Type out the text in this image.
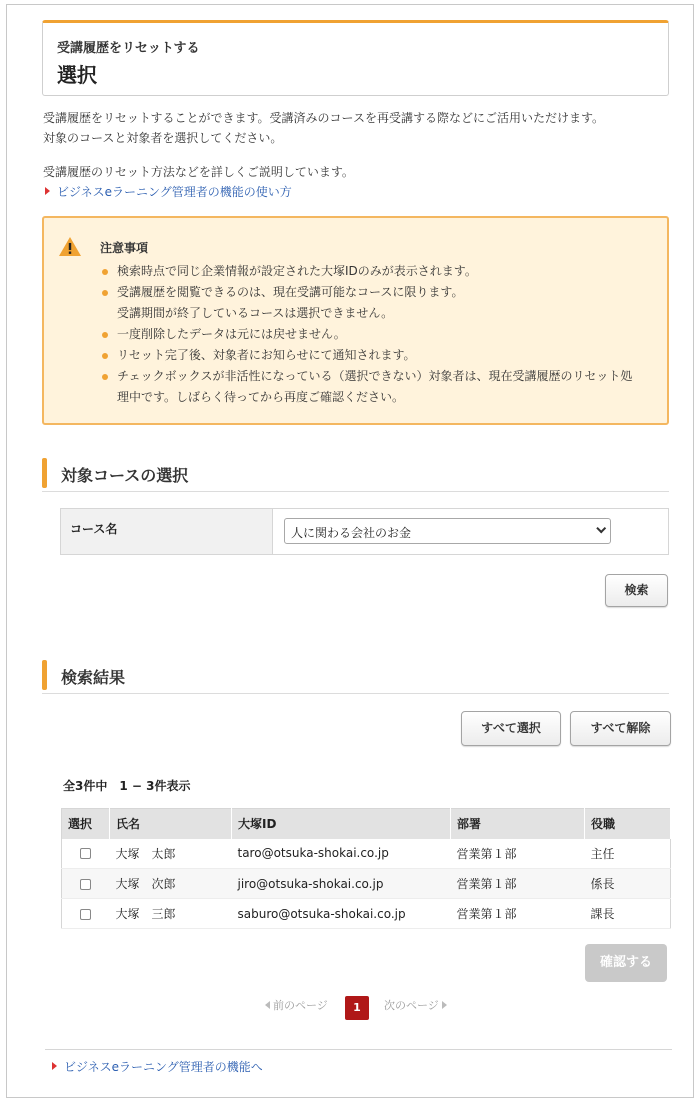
受講履歴をリセットする
選択
受講履歴をリセットすることができます。受講済みのコースを再受講する際などにご活用いただけます。
対象のコースと対象者を選択してください。
受講履歴のリセット方法などを詳しくご説明しています。
ビジネスeラーニング管理者の機能の使い方
注意事項
検索時点で同じ企業情報が設定された大塚IDのみが表示されます。
受講履歴を閲覧できるのは、現在受講可能なコースに限ります。
受講期間が終了しているコースは選択できません。
一度削除したデータは元には戻せません。
リセット完了後、対象者にお知らせにて通知されます。
チェックボックスが非活性になっている（選択できない）対象者は、現在受講履歴のリセット処
理中です。しばらく待ってから再度ご確認ください。
対象コースの選択
コース名	人に関わる会社のお金
検索
検索結果
すべて選択	すべて解除
全3件中　1 − 3件表示
選択	氏名	大塚ID	部署	役職
	大塚　太郎	taro@otsuka-shokai.co.jp	営業第１部	主任
	大塚　次郎	jiro@otsuka-shokai.co.jp	営業第１部	係長
	大塚　三郎	saburo@otsuka-shokai.co.jp	営業第１部	課長
確認する
前のページ	1	次のページ
ビジネスeラーニング管理者の機能へ
